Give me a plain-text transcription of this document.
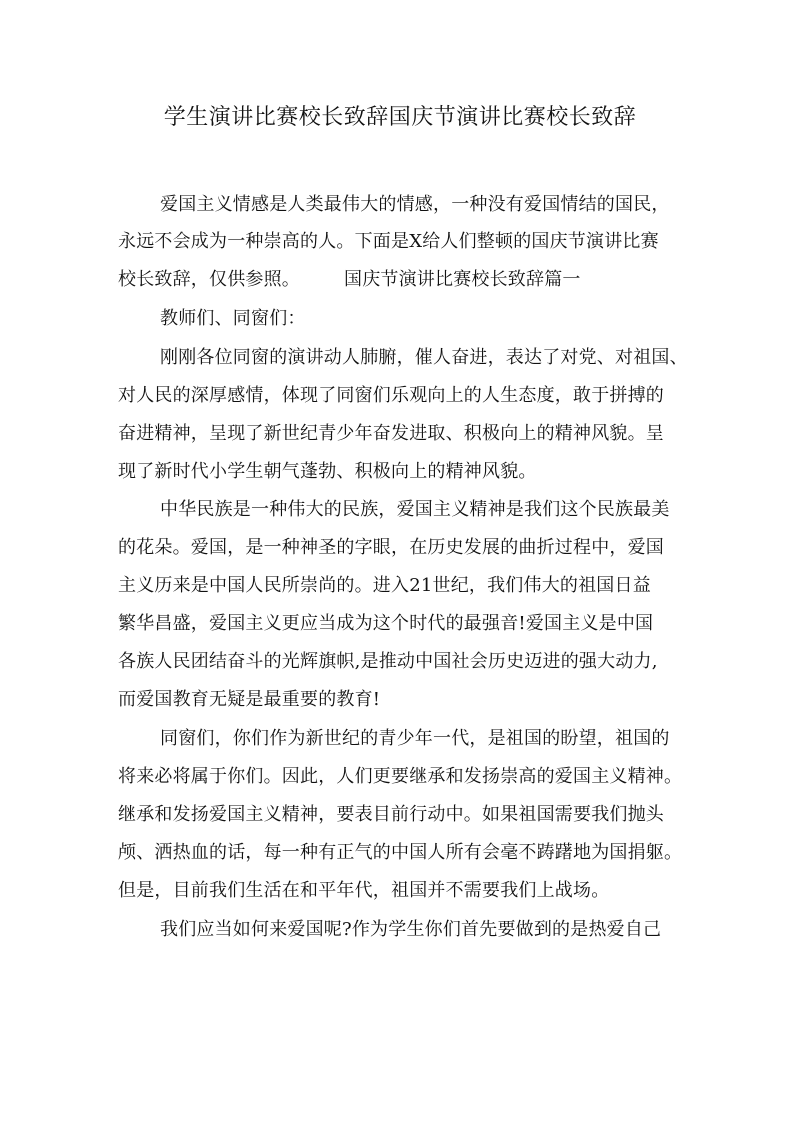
学生演讲比赛校长致辞国庆节演讲比赛校长致辞
爱国主义情感是人类最伟大的情感，一种没有爱国情结的国民，
永远不会成为一种崇高的人。下面是X给人们整顿的国庆节演讲比赛
校长致辞，仅供参照。 国庆节演讲比赛校长致辞篇一
教师们、同窗们：
刚刚各位同窗的演讲动人肺腑，催人奋进，表达了对党、对祖国、
对人民的深厚感情，体现了同窗们乐观向上的人生态度，敢于拼搏的
奋进精神，呈现了新世纪青少年奋发进取、积极向上的精神风貌。呈
现了新时代小学生朝气蓬勃、积极向上的精神风貌。
中华民族是一种伟大的民族，爱国主义精神是我们这个民族最美
的花朵。爱国，是一种神圣的字眼，在历史发展的曲折过程中，爱国
主义历来是中国人民所崇尚的。进入21世纪，我们伟大的祖国日益
繁华昌盛，爱国主义更应当成为这个时代的最强音!爱国主义是中国
各族人民团结奋斗的光辉旗帜,是推动中国社会历史迈进的强大动力,
而爱国教育无疑是最重要的教育!
同窗们，你们作为新世纪的青少年一代，是祖国的盼望，祖国的
将来必将属于你们。因此，人们更要继承和发扬崇高的爱国主义精神。
继承和发扬爱国主义精神，要表目前行动中。如果祖国需要我们抛头
颅、洒热血的话，每一种有正气的中国人所有会毫不踌躇地为国捐躯。
但是，目前我们生活在和平年代，祖国并不需要我们上战场。
我们应当如何来爱国呢?作为学生你们首先要做到的是热爱自己
